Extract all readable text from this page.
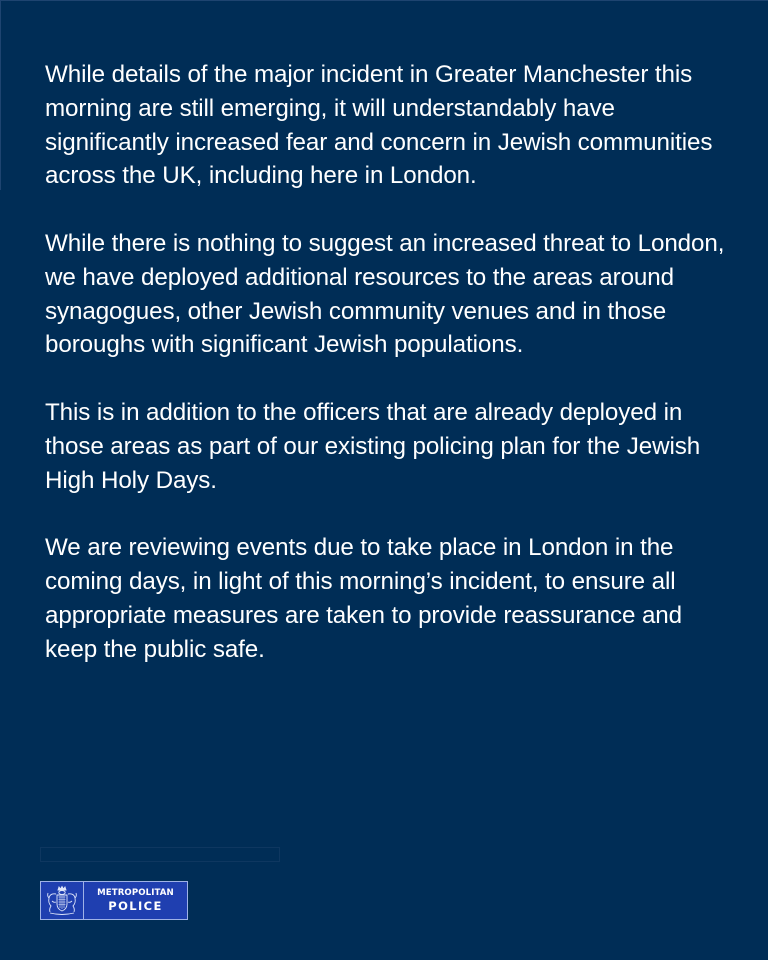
While details of the major incident in Greater Manchester this morning are still emerging, it will understandably have significantly increased fear and concern in Jewish communities across the UK, including here in London.

While there is nothing to suggest an increased threat to London, we have deployed additional resources to the areas around synagogues, other Jewish community venues and in those boroughs with significant Jewish populations.

This is in addition to the officers that are already deployed in those areas as part of our existing policing plan for the Jewish High Holy Days.

We are reviewing events due to take place in London in the coming days, in light of this morning’s incident, to ensure all appropriate measures are taken to provide reassurance and keep the public safe.

METROPOLITAN
POLICE
